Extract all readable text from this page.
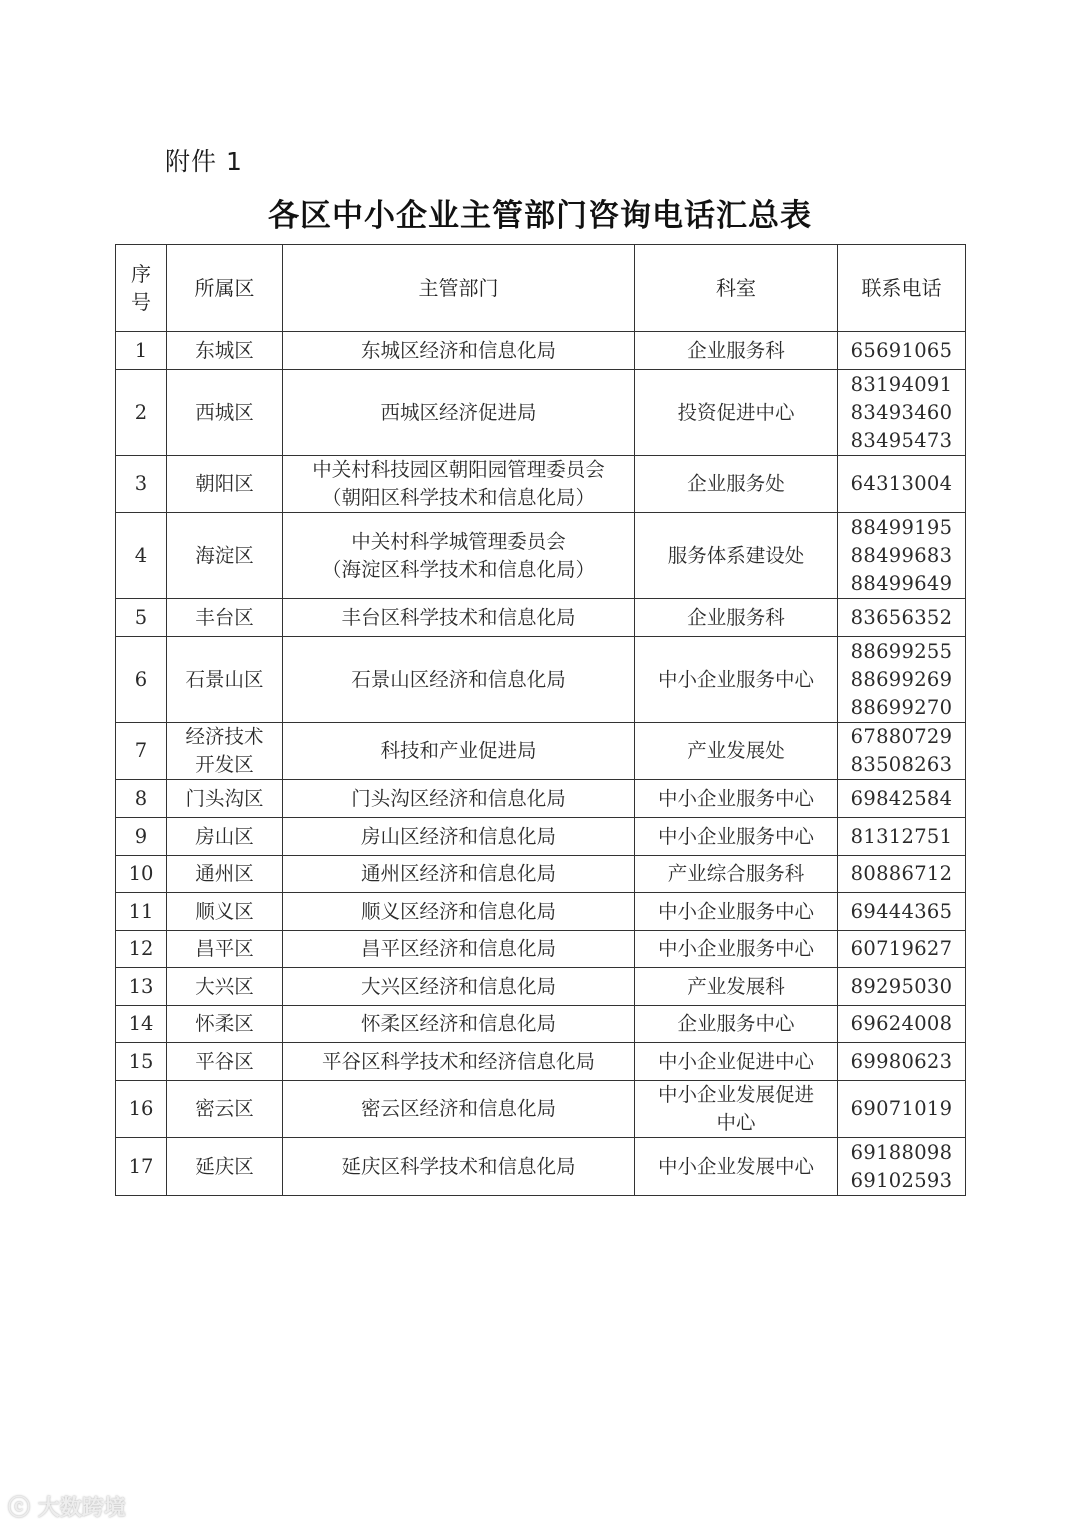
附件 1
各区中小企业主管部门咨询电话汇总表
序
号	所属区	主管部门	科室	联系电话
1	东城区	东城区经济和信息化局	企业服务科	65691065

2	西城区	西城区经济促进局	投资促进中心	83194091
83493460
83495473

3	朝阳区	中关村科技园区朝阳园管理委员会
（朝阳区科学技术和信息化局）	企业服务处	64313004

4	海淀区	中关村科学城管理委员会
（海淀区科学技术和信息化局）	服务体系建设处	88499195
88499683
88499649

5	丰台区	丰台区科学技术和信息化局	企业服务科	83656352

6	石景山区	石景山区经济和信息化局	中小企业服务中心	88699255
88699269
88699270

7	经济技术
开发区	科技和产业促进局	产业发展处	67880729
83508263

8	门头沟区	门头沟区经济和信息化局	中小企业服务中心	69842584

9	房山区	房山区经济和信息化局	中小企业服务中心	81312751

10	通州区	通州区经济和信息化局	产业综合服务科	80886712

11	顺义区	顺义区经济和信息化局	中小企业服务中心	69444365

12	昌平区	昌平区经济和信息化局	中小企业服务中心	60719627

13	大兴区	大兴区经济和信息化局	产业发展科	89295030

14	怀柔区	怀柔区经济和信息化局	企业服务中心	69624008

15	平谷区	平谷区科学技术和经济信息化局	中小企业促进中心	69980623

16	密云区	密云区经济和信息化局	中小企业发展促进
中心	69071019

17	延庆区	延庆区科学技术和信息化局	中小企业发展中心	69188098
69102593
ⓒ 大数跨境
